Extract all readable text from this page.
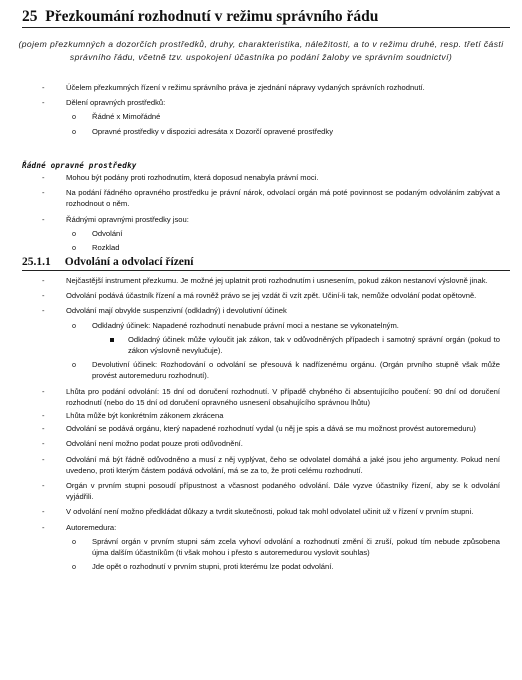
25 Přezkoumání rozhodnutí v režimu správního řádu
(pojem přezkumných a dozorčích prostředků, druhy, charakteristika, náležitosti, a to v režimu druhé, resp. třetí části správního řádu, včetně tzv. uspokojení účastníka po podání žaloby ve správním soudnictví)
- Účelem přezkumných řízení v režimu správního práva je zjednání nápravy vydaných správních rozhodnutí.
- Dělení opravných prostředků:
o Řádné x Mimořádné
o Opravné prostředky v dispozici adresáta x Dozorčí opravené prostředky
Řádné opravné prostředky
- Mohou být podány proti rozhodnutím, která doposud nenabyla právní moci.
- Na podání řádného opravného prostředku je právní nárok, odvolací orgán má poté povinnost se podaným odvoláním zabývat a rozhodnout o něm.
- Řádnými opravnými prostředky jsou:
o Odvolání
o Rozklad
25.1.1 Odvolání a odvolací řízení
- Nejčastější instrument přezkumu. Je možné jej uplatnit proti rozhodnutím i usnesením, pokud zákon nestanoví výslovně jinak.
- Odvolání podává účastník řízení a má rovněž právo se jej vzdát či vzít zpět. Učiní-li tak, nemůže odvolání podat opětovně.
- Odvolání mají obvykle suspenzivní (odkladný) i devolutivní účinek
o Odkladný účinek: Napadené rozhodnutí nenabude právní moci a nestane se vykonatelným.
Odkladný účinek může vyloučit jak zákon, tak v odůvodněných případech i samotný správní orgán (pokud to zákon výslovně nevylučuje).
o Devolutivní účinek: Rozhodování o odvolání se přesouvá k nadřízenému orgánu. (Orgán prvního stupně však může provést autoremeduru rozhodnutí).
- Lhůta pro podání odvolání: 15 dní od doručení rozhodnutí. V případě chybného či absentujícího poučení: 90 dní od doručení rozhodnutí (nebo do 15 dní od doručení opravného usnesení obsahujícího správnou lhůtu)
- Lhůta může být konkrétním zákonem zkrácena
- Odvolání se podává orgánu, který napadené rozhodnutí vydal (u něj je spis a dává se mu možnost provést autoremeduru)
- Odvolání není možno podat pouze proti odůvodnění.
- Odvolání má být řádně odůvodněno a musí z něj vyplývat, čeho se odvolatel domáhá a jaké jsou jeho argumenty. Pokud není uvedeno, proti kterým částem podává odvolání, má se za to, že proti celému rozhodnutí.
- Orgán v prvním stupni posoudí přípustnost a včasnost podaného odvolání. Dále vyzve účastníky řízení, aby se k odvolání vyjádřili.
- V odvolání není možno předkládat důkazy a tvrdit skutečnosti, pokud tak mohl odvolatel učinit už v řízení v prvním stupni.
- Autoremedura:
o Správní orgán v prvním stupni sám zcela vyhoví odvolání a rozhodnutí změní či zruší, pokud tím nebude způsobena újma dalším účastníkům (ti však mohou i přesto s autoremedurou vyslovit souhlas)
o Jde opět o rozhodnutí v prvním stupni, proti kterému lze podat odvolání.
